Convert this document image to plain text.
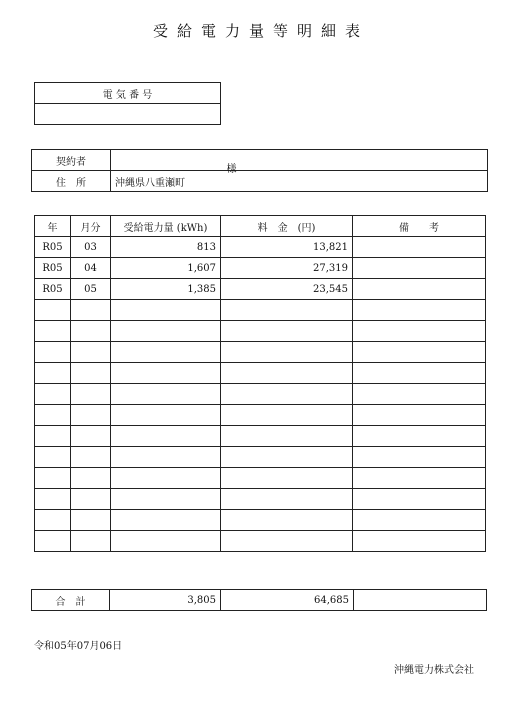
受給電力量等明細表
電 気 番 号

契約者	様

住　所	沖縄県八重瀬町
年	月分	受給電力量 (kWh)	料　金　(円)	備　　考
R05	03	813	13,821	
R05	04	1,607	27,319	
R05	05	1,385	23,545	

合　計	3,805	64,685	
令和05年07月06日
沖縄電力株式会社
